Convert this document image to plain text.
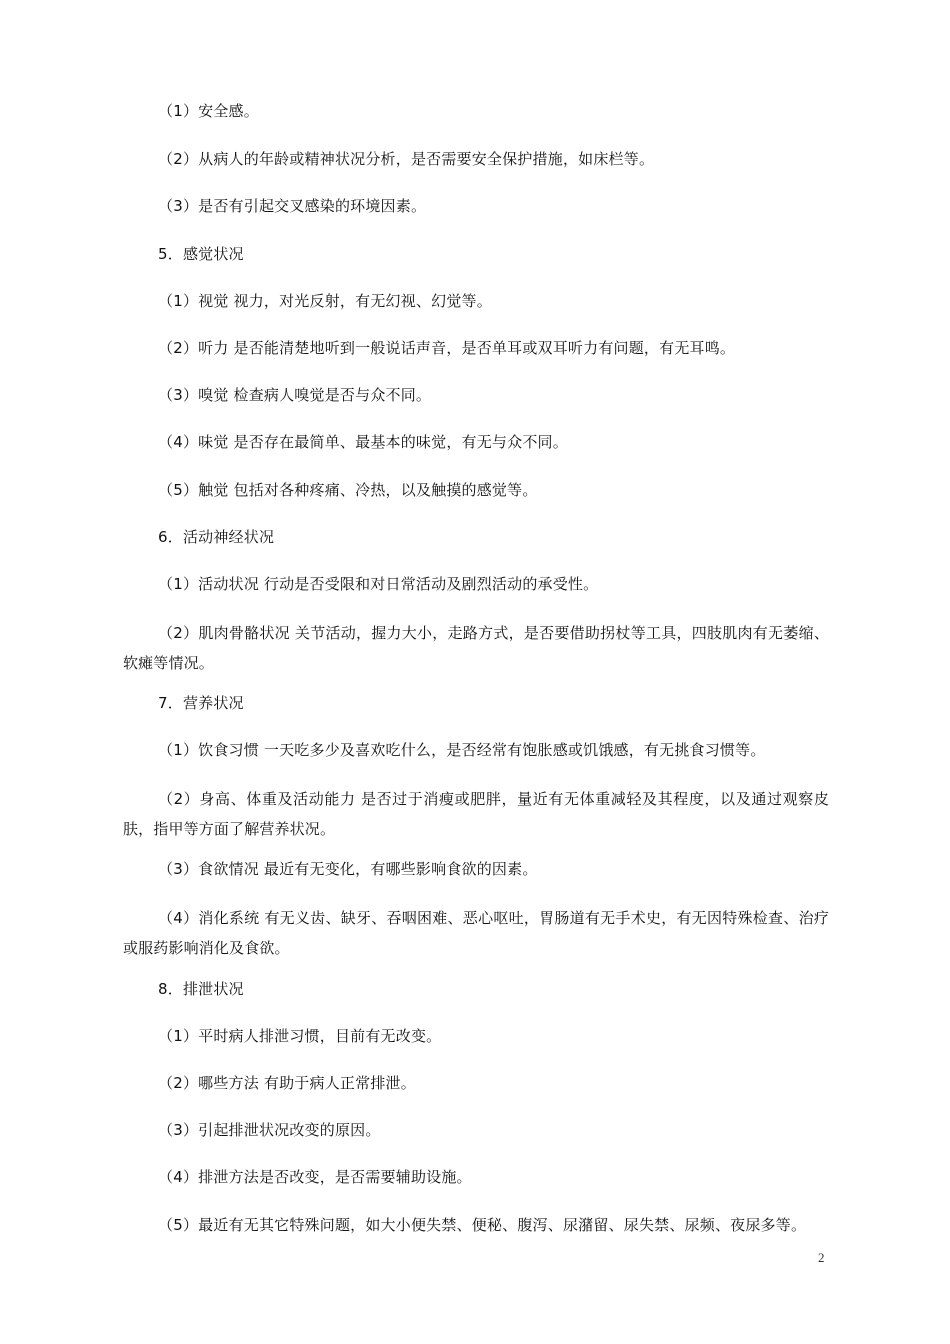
（1）安全感。
（2）从病人的年龄或精神状况分析，是否需要安全保护措施，如床栏等。
（3）是否有引起交叉感染的环境因素。
5．感觉状况
（1）视觉 视力，对光反射，有无幻视、幻觉等。
（2）听力 是否能清楚地听到一般说话声音，是否单耳或双耳听力有问题，有无耳鸣。
（3）嗅觉 检查病人嗅觉是否与众不同。
（4）味觉 是否存在最简单、最基本的味觉，有无与众不同。
（5）触觉 包括对各种疼痛、冷热，以及触摸的感觉等。
6．活动神经状况
（1）活动状况 行动是否受限和对日常活动及剧烈活动的承受性。
（2）肌肉骨骼状况 关节活动，握力大小，走路方式，是否要借助拐杖等工具，四肢肌肉有无萎缩、软瘫等情况。
7．营养状况
（1）饮食习惯 一天吃多少及喜欢吃什么，是否经常有饱胀感或饥饿感，有无挑食习惯等。
（2）身高、体重及活动能力 是否过于消瘦或肥胖，量近有无体重减轻及其程度，以及通过观察皮肤，指甲等方面了解营养状况。
（3）食欲情况 最近有无变化，有哪些影响食欲的因素。
（4）消化系统 有无义齿、缺牙、吞咽困难、恶心呕吐，胃肠道有无手术史，有无因特殊检查、治疗或服药影响消化及食欲。
8．排泄状况
（1）平时病人排泄习惯，目前有无改变。
（2）哪些方法 有助于病人正常排泄。
（3）引起排泄状况改变的原因。
（4）排泄方法是否改变，是否需要辅助设施。
（5）最近有无其它特殊问题，如大小便失禁、便秘、腹泻、尿潴留、尿失禁、尿频、夜尿多等。
2
